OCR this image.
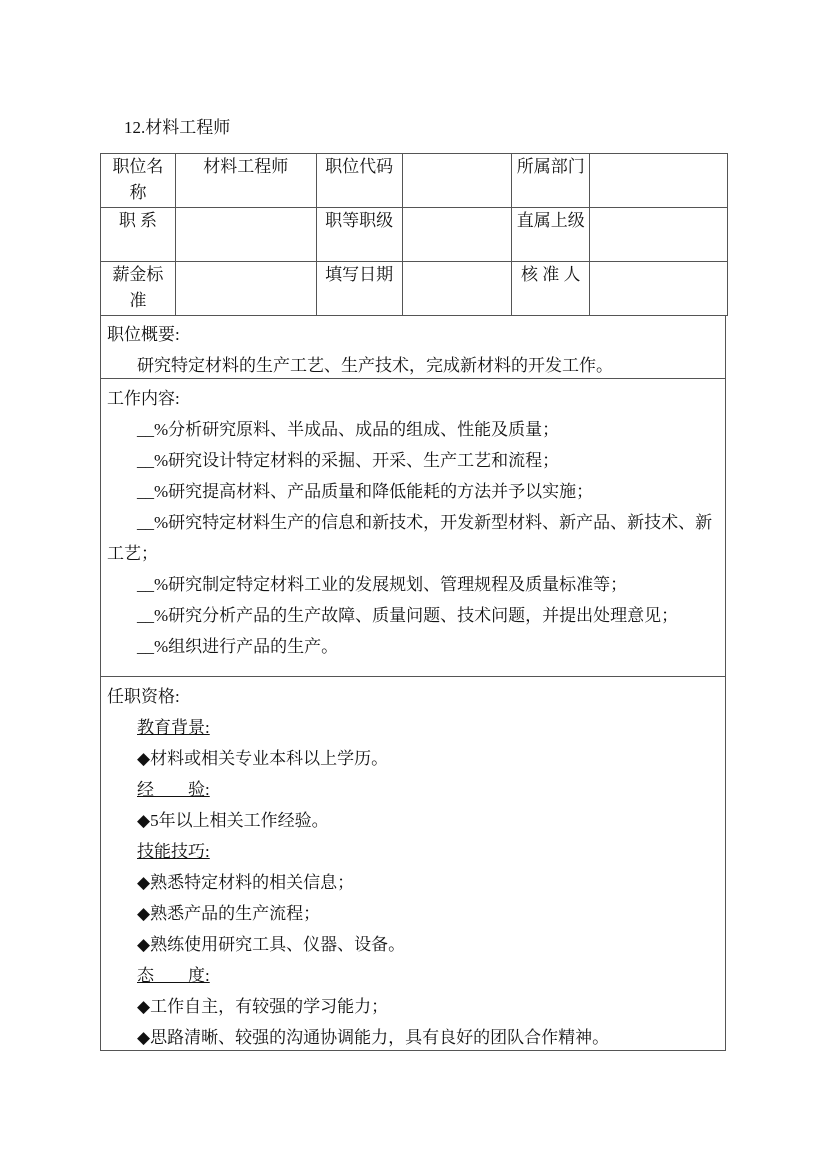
12.材料工程师
职位名称	材料工程师	职位代码		所属部门	
职 系		职等职级		直属上级	
薪金标准		填写日期		核 准 人	
职位概要:
研究特定材料的生产工艺、生产技术，完成新材料的开发工作。
工作内容:
__%分析研究原料、半成品、成品的组成、性能及质量；
__%研究设计特定材料的采掘、开采、生产工艺和流程；
__%研究提高材料、产品质量和降低能耗的方法并予以实施；
__%研究特定材料生产的信息和新技术，开发新型材料、新产品、新技术、新工艺；
__%研究制定特定材料工业的发展规划、管理规程及质量标准等；
__%研究分析产品的生产故障、质量问题、技术问题，并提出处理意见；
__%组织进行产品的生产。
任职资格:
教育背景:
◆材料或相关专业本科以上学历。
经　　验:
◆5年以上相关工作经验。
技能技巧:
◆熟悉特定材料的相关信息；
◆熟悉产品的生产流程；
◆熟练使用研究工具、仪器、设备。
态　　度:
◆工作自主，有较强的学习能力；
◆思路清晰、较强的沟通协调能力，具有良好的团队合作精神。
